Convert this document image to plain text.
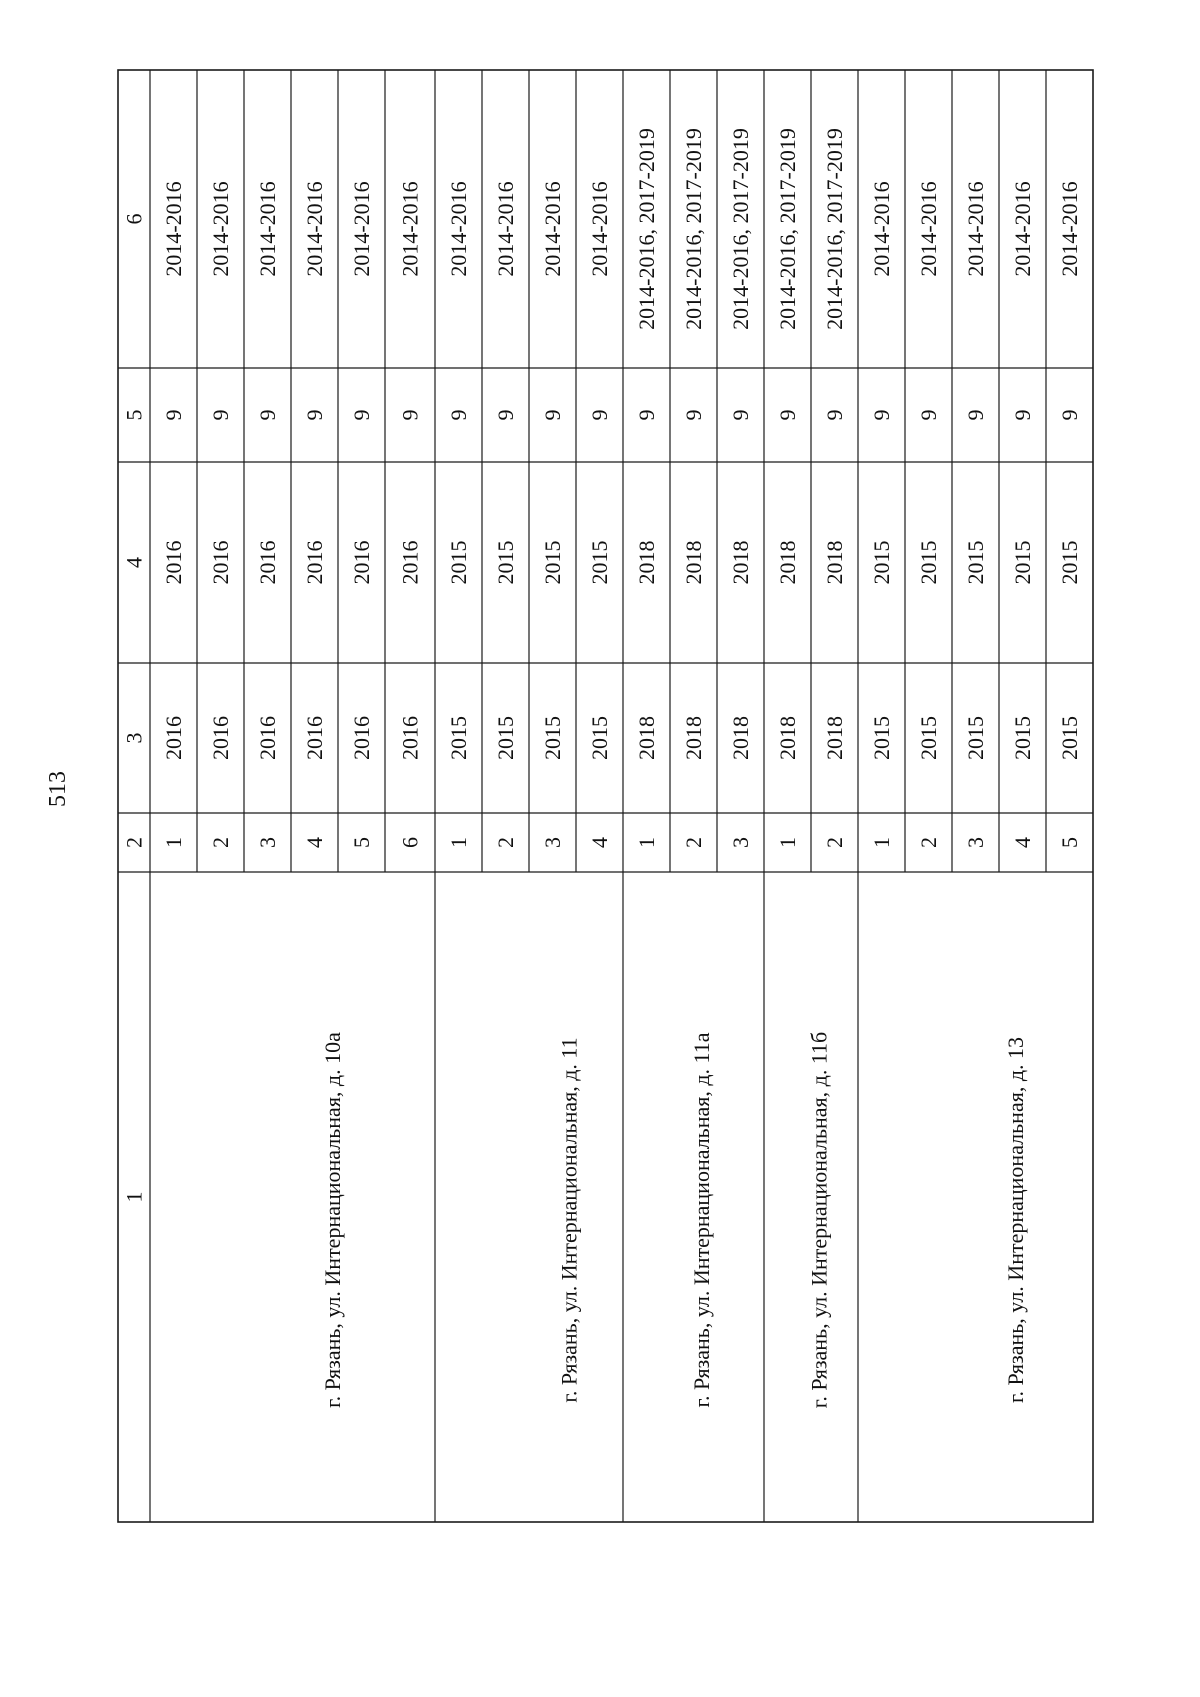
513
1
2
3
4
5
6
1
2016
2016
9
2014-2016
2
2016
2016
9
2014-2016
3
2016
2016
9
2014-2016
4
2016
2016
9
2014-2016
5
2016
2016
9
2014-2016
6
2016
2016
9
2014-2016
г. Рязань, ул. Интернациональная, д. 10а
1
2015
2015
9
2014-2016
2
2015
2015
9
2014-2016
3
2015
2015
9
2014-2016
4
2015
2015
9
2014-2016
г. Рязань, ул. Интернациональная, д. 11
1
2018
2018
9
2014-2016, 2017-2019
2
2018
2018
9
2014-2016, 2017-2019
3
2018
2018
9
2014-2016, 2017-2019
г. Рязань, ул. Интернациональная, д. 11а
1
2018
2018
9
2014-2016, 2017-2019
2
2018
2018
9
2014-2016, 2017-2019
г. Рязань, ул. Интернациональная, д. 11б
1
2015
2015
9
2014-2016
2
2015
2015
9
2014-2016
3
2015
2015
9
2014-2016
4
2015
2015
9
2014-2016
5
2015
2015
9
2014-2016
г. Рязань, ул. Интернациональная, д. 13
